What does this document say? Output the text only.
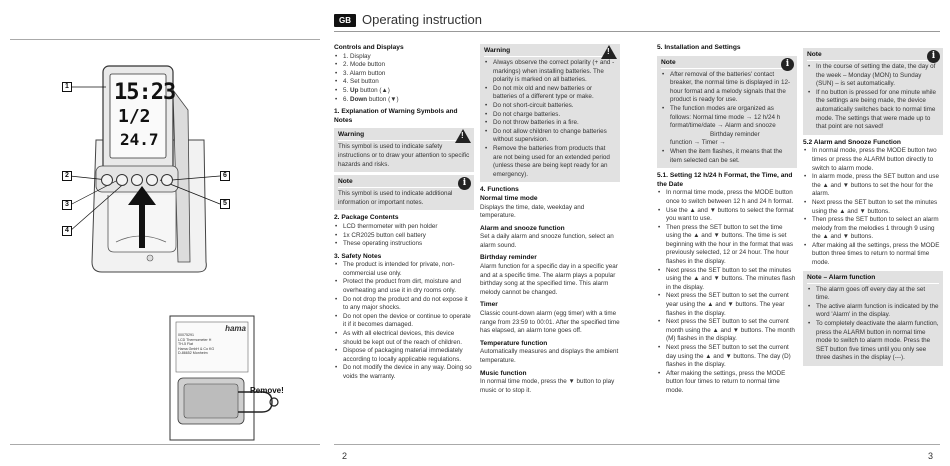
GB Operating instruction
2	3
15:23
1/2
24.7
1
2
3
4
5
6
hama
00075291
LCD Thermometer H
TH-5 Flat
Hama GmbH & Co KG
D-86652 Monheim
Remove!
Controls and Displays
• 1. Display
• 2. Mode button
• 3. Alarm button
• 4. Set button
• 5. Up button (▲)
• 6. Down button (▼)
1. Explanation of Warning Symbols and Notes
!
Warning

This symbol is used to indicate safety instructions or to draw your attention to specific hazards and risks.

i
Note

This symbol is used to indicate additional information or important notes.

2. Package Contents
• LCD thermometer with pen holder
• 1x CR2025 button cell battery
• These operating instructions
3. Safety Notes
• The product is intended for private, non-commercial use only.
• Protect the product from dirt, moisture and overheating and use it in dry rooms only.
• Do not drop the product and do not expose it to any major shocks.
• Do not open the device or continue to operate it if it becomes damaged.
• As with all electrical devices, this device should be kept out of the reach of children.
• Dispose of packaging material immediately according to locally applicable regulations.
• Do not modify the device in any way. Doing so voids the warranty.
!
Warning
• Always observe the correct polarity (+ and - markings) when installing batteries. The polarity is marked on all batteries.
• Do not mix old and new batteries or batteries of a different type or make.
• Do not short-circuit batteries.
• Do not charge batteries.
• Do not throw batteries in a fire.
• Do not allow children to change batteries without supervision.
• Remove the batteries from products that are not being used for an extended period (unless these are being kept ready for an emergency).
4. Functions
Normal time mode

Displays the time, date, weekday and temperature.

Alarm and snooze function

Set a daily alarm and snooze function, select an alarm sound.

Birthday reminder

Alarm function for a specific day in a specific year and at a specific time. The alarm plays a popular birthday song at the specified time. This alarm melody cannot be changed.

Timer

Classic count-down alarm (egg timer) with a time range from 23:59 to 00:01. After the specified time has elapsed, an alarm tone goes off.

Temperature function

Automatically measures and displays the ambient temperature.

Music function

In normal time mode, press the ▼ button to play music or to stop it.

5. Installation and Settings
i
Note
• After removal of the batteries' contact breaker, the normal time is displayed in 12-hour format and a melody signals that the product is ready for use.
• The function modes are organized as follows: Normal time mode → 12 h/24 h format/time/date → Alarm and snooze
Birthday reminder
function → Timer →
• When the item flashes, it means that the item selected can be set.
5.1. Setting 12 h/24 h Format, the Time, and the Date
• In normal time mode, press the MODE button once to switch between 12 h and 24 h format.
• Use the ▲ and ▼ buttons to select the format you want to use.
• Then press the SET button to set the time using the ▲ and ▼ buttons. The time is set beginning with the hour in the format that was previously selected, 12 or 24 hour. The hour flashes in the display.
• Next press the SET button to set the minutes using the ▲ and ▼ buttons. The minutes flash in the display.
• Next press the SET button to set the current year using the ▲ and ▼ buttons. The year flashes in the display.
• Next press the SET button to set the current month using the ▲ and ▼ buttons. The month (M) flashes in the display.
• Next press the SET button to set the current day using the ▲ and ▼ buttons. The day (D) flashes in the display.
• After making the settings, press the MODE button four times to return to normal time mode.
i
Note
• In the course of setting the date, the day of the week – Monday (MON) to Sunday (SUN) – is set automatically.
• If no button is pressed for one minute while the settings are being made, the device automatically switches back to normal time mode. The settings that were made up to that point are not saved!
5.2 Alarm and Snooze Function
• In normal mode, press the MODE button two times or press the ALARM button directly to switch to alarm mode.
• In alarm mode, press the SET button and use the ▲ and ▼ buttons to set the hour for the alarm.
• Next press the SET button to set the minutes using the ▲ and ▼ buttons.
• Then press the SET button to select an alarm melody from the melodies 1 through 9 using the ▲ and ▼ buttons.
• After making all the settings, press the MODE button three times to return to normal time mode.
Note – Alarm function
• The alarm goes off every day at the set time.
• The active alarm function is indicated by the word 'Alarm' in the display.
• To completely deactivate the alarm function, press the ALARM button in normal time mode to switch to alarm mode. Press the SET button five times until you only see three dashes in the display (---).
